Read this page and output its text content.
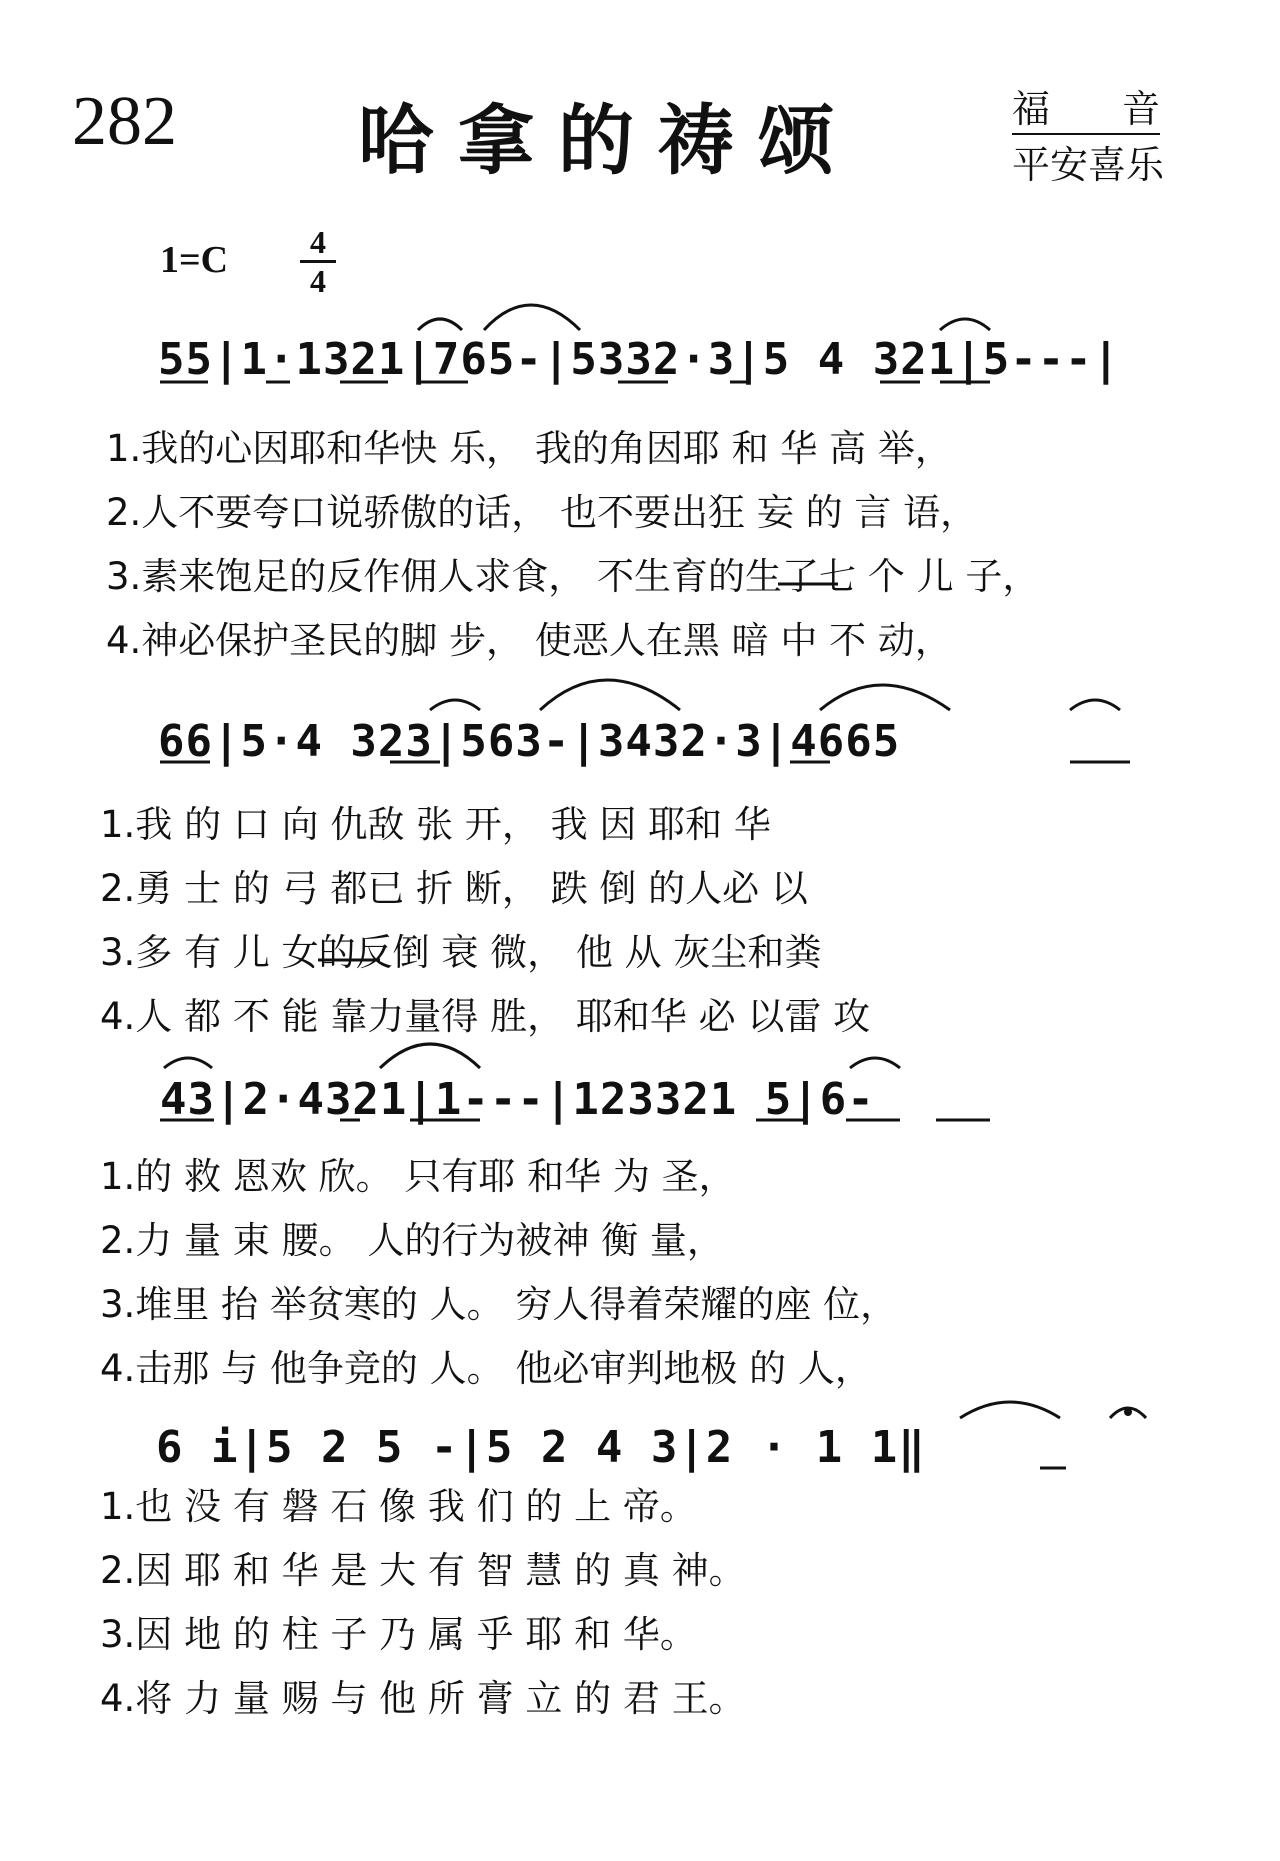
282 哈拿的祷颂	福 音
平安喜乐
1=C	4
4
55|1·1321|765-|5332·3|5 4 321|5---|
1.我的心因耶和华快 乐， 我的角因耶 和 华 高 举，
2.人不要夸口说骄傲的话， 也不要出狂 妄 的 言 语，
3.素来饱足的反作佣人求食， 不生育的生了七 个 儿 子，
4.神必保护圣民的脚 步， 使恶人在黑 暗 中 不 动，
66|5·4 323|563-|3432·3|4665
1.我 的 口 向 仇敌 张 开， 我 因 耶和 华
2.勇 士 的 弓 都已 折 断， 跌 倒 的人必 以
3.多 有 儿 女的反倒 衰 微， 他 从 灰尘和粪
4.人 都 不 能 靠力量得 胜， 耶和华 必 以雷 攻
43|2·4321|1---|123321 5|6-
1.的 救 恩欢 欣。 只有耶 和华 为 圣，
2.力 量 束 腰。 人的行为被神 衡 量，
3.堆里 抬 举贫寒的 人。 穷人得着荣耀的座 位，
4.击那 与 他争竞的 人。 他必审判地极 的 人，
6 i|5 2 5 -|5 2 4 3|2 · 1 1‖
1.也 没 有 磐 石 像 我 们 的 上 帝。
2.因 耶 和 华 是 大 有 智 慧 的 真 神。
3.因 地 的 柱 子 乃 属 乎 耶 和 华。
4.将 力 量 赐 与 他 所 膏 立 的 君 王。
